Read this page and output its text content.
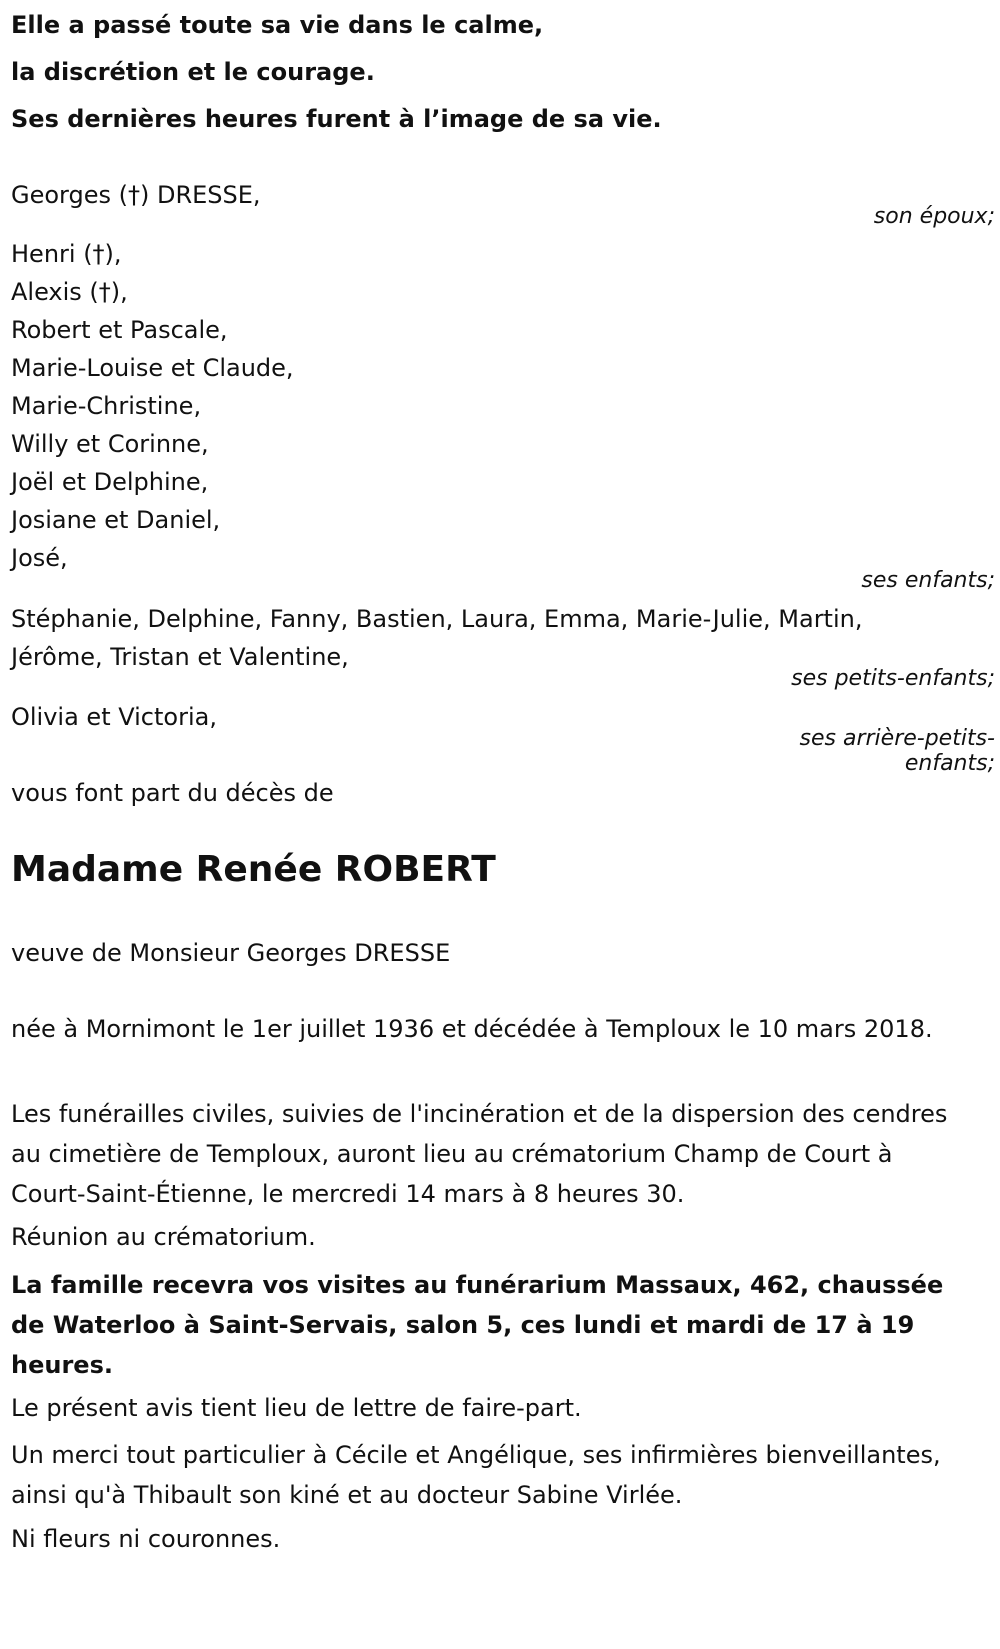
Elle a passé toute sa vie dans le calme,
la discrétion et le courage.
Ses dernières heures furent à l’image de sa vie.
Georges (†) DRESSE,
son époux;
Henri (†),
Alexis (†),
Robert et Pascale,
Marie-Louise et Claude,
Marie-Christine,
Willy et Corinne,
Joël et Delphine,
Josiane et Daniel,
José,
ses enfants;
Stéphanie, Delphine, Fanny, Bastien, Laura, Emma, Marie-Julie, Martin,
Jérôme, Tristan et Valentine,
ses petits-enfants;
Olivia et Victoria,
ses arrière-petits-
enfants;
vous font part du décès de
Madame Renée ROBERT
veuve de Monsieur Georges DRESSE
née à Mornimont le 1er juillet 1936 et décédée à Temploux le 10 mars 2018.
Les funérailles civiles, suivies de l'incinération et de la dispersion des cendres au cimetière de Temploux, auront lieu au crématorium Champ de Court à Court-Saint-Étienne, le mercredi 14 mars à 8 heures 30.
Réunion au crématorium.
La famille recevra vos visites au funérarium Massaux, 462, chaussée de Waterloo à Saint-Servais, salon 5, ces lundi et mardi de 17 à 19 heures.
Le présent avis tient lieu de lettre de faire-part.
Un merci tout particulier à Cécile et Angélique, ses infirmières bienveillantes, ainsi qu'à Thibault son kiné et au docteur Sabine Virlée.
Ni fleurs ni couronnes.
